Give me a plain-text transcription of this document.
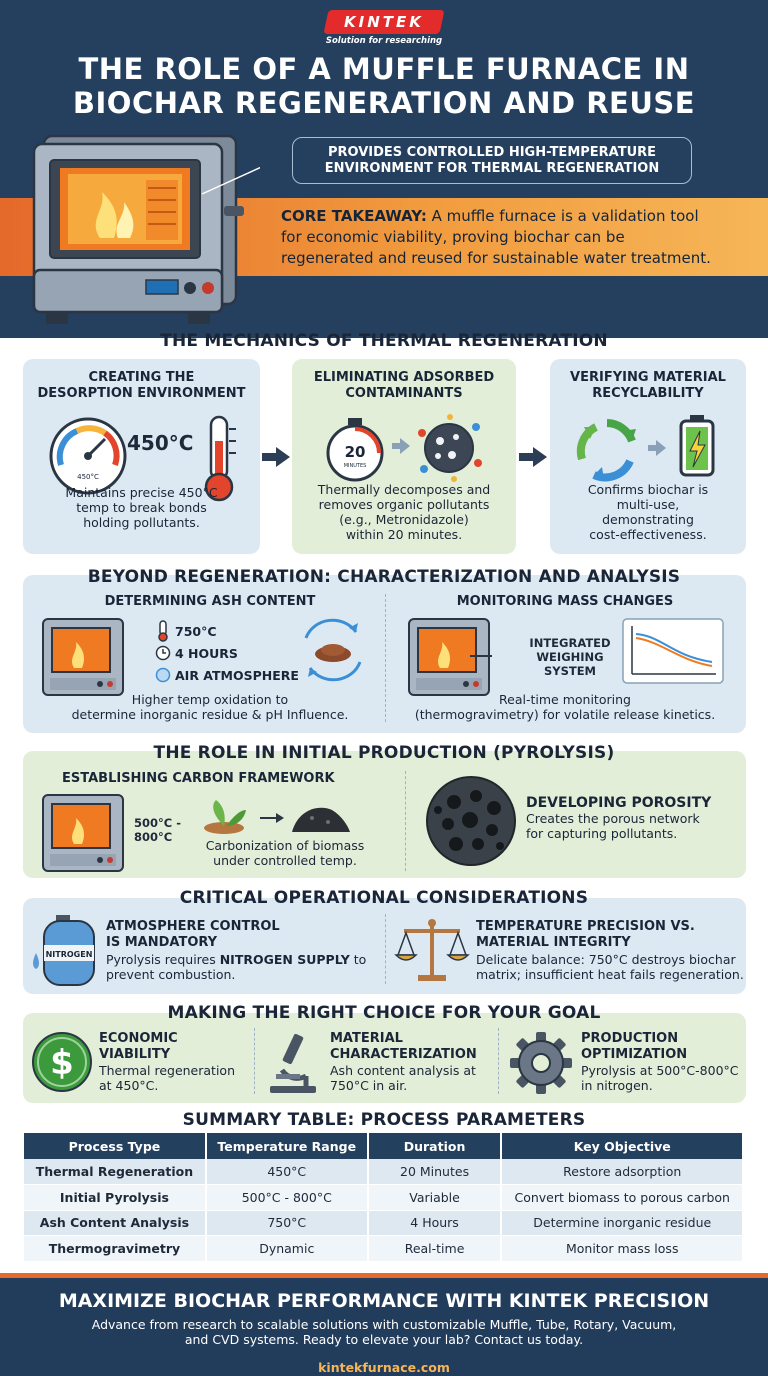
KINTEK
Solution for researching
THE ROLE OF A MUFFLE FURNACE IN
BIOCHAR REGENERATION AND REUSE
PROVIDES CONTROLLED HIGH-TEMPERATURE
ENVIRONMENT FOR THERMAL REGENERATION
CORE TAKEAWAY: A muffle furnace is a validation tool
for economic viability, proving biochar can be
regenerated and reused for sustainable water treatment.
THE MECHANICS OF THERMAL REGENERATION
CREATING THE
DESORPTION ENVIRONMENT
450°C
450°C
Maintains precise 450°C
temp to break bonds
holding pollutants.
ELIMINATING ADSORBED
CONTAMINANTS
20
MINUTES
Thermally decomposes and
removes organic pollutants
(e.g., Metronidazole)
within 20 minutes.
VERIFYING MATERIAL
RECYCLABILITY
Confirms biochar is
multi-use,
demonstrating
cost-effectiveness.
BEYOND REGENERATION: CHARACTERIZATION AND ANALYSIS
DETERMINING ASH CONTENT
750°C
4 HOURS
AIR ATMOSPHERE
Higher temp oxidation to
determine inorganic residue & pH Influence.
MONITORING MASS CHANGES
INTEGRATED
WEIGHING
SYSTEM
Real-time monitoring
(thermogravimetry) for volatile release kinetics.
THE ROLE IN INITIAL PRODUCTION (PYROLYSIS)
ESTABLISHING CARBON FRAMEWORK
500°C -
800°C
Carbonization of biomass
under controlled temp.
DEVELOPING POROSITY
Creates the porous network
for capturing pollutants.
CRITICAL OPERATIONAL CONSIDERATIONS
NITROGEN
ATMOSPHERE CONTROL
IS MANDATORY
Pyrolysis requires NITROGEN SUPPLY to
prevent combustion.
TEMPERATURE PRECISION VS.
MATERIAL INTEGRITY
Delicate balance: 750°C destroys biochar
matrix; insufficient heat fails regeneration.
MAKING THE RIGHT CHOICE FOR YOUR GOAL
$
ECONOMIC
VIABILITY
Thermal regeneration
at 450°C.
MATERIAL
CHARACTERIZATION
Ash content analysis at
750°C in air.
PRODUCTION
OPTIMIZATION
Pyrolysis at 500°C-800°C
in nitrogen.
SUMMARY TABLE: PROCESS PARAMETERS
Process Type	Temperature Range	Duration	Key Objective
Thermal Regeneration	450°C	20 Minutes	Restore adsorption
Initial Pyrolysis	500°C - 800°C	Variable	Convert biomass to porous carbon
Ash Content Analysis	750°C	4 Hours	Determine inorganic residue
Thermogravimetry	Dynamic	Real-time	Monitor mass loss
MAXIMIZE BIOCHAR PERFORMANCE WITH KINTEK PRECISION
Advance from research to scalable solutions with customizable Muffle, Tube, Rotary, Vacuum,
and CVD systems. Ready to elevate your lab? Contact us today.
kintekfurnace.com
